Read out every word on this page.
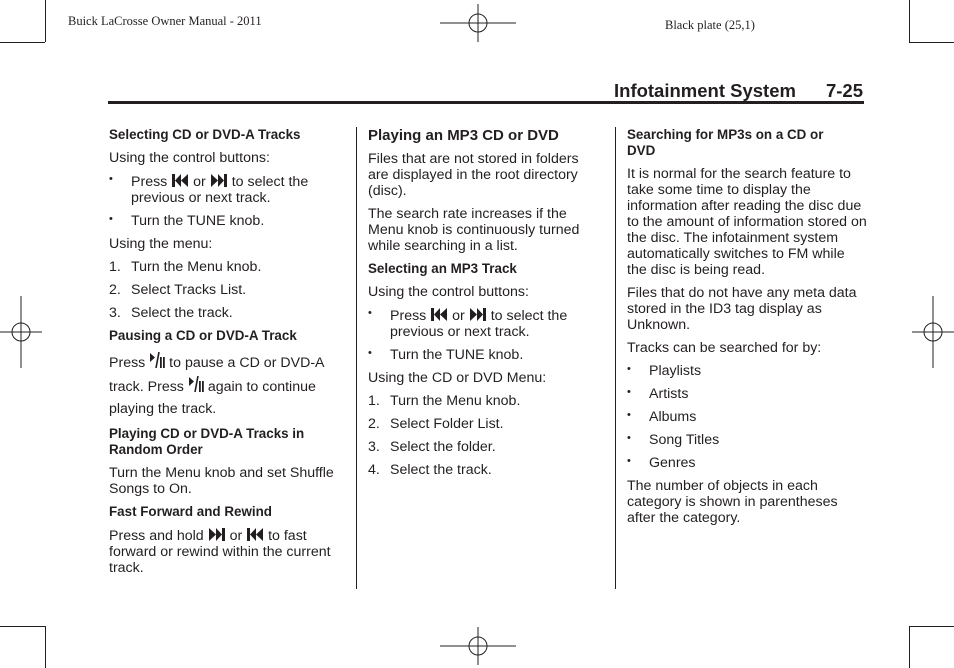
Buick LaCrosse Owner Manual - 2011	Black plate (25,1)
Infotainment System 7-25
Selecting CD or DVD-A Tracks

Using the control buttons:

• Press or to select the previous or next track.
• Turn the TUNE knob.

Using the menu:

1. Turn the Menu knob.
2. Select Tracks List.
3. Select the track.
Pausing a CD or DVD-A Track

Press to pause a CD or DVD-A track. Press again to continue playing the track.

Playing CD or DVD-A Tracks in Random Order

Turn the Menu knob and set Shuffle Songs to On.

Fast Forward and Rewind

Press and hold or to fast forward or rewind within the current track.

Playing an MP3 CD or DVD

Files that are not stored in folders are displayed in the root directory (disc).

The search rate increases if the Menu knob is continuously turned while searching in a list.

Selecting an MP3 Track

Using the control buttons:

• Press or to select the previous or next track.
• Turn the TUNE knob.

Using the CD or DVD Menu:

1. Turn the Menu knob.
2. Select Folder List.
3. Select the folder.
4. Select the track.
Searching for MP3s on a CD or DVD

It is normal for the search feature to take some time to display the information after reading the disc due to the amount of information stored on the disc. The infotainment system automatically switches to FM while the disc is being read.

Files that do not have any meta data stored in the ID3 tag display as Unknown.

Tracks can be searched for by:

• Playlists
• Artists
• Albums
• Song Titles
• Genres

The number of objects in each category is shown in parentheses after the category.
